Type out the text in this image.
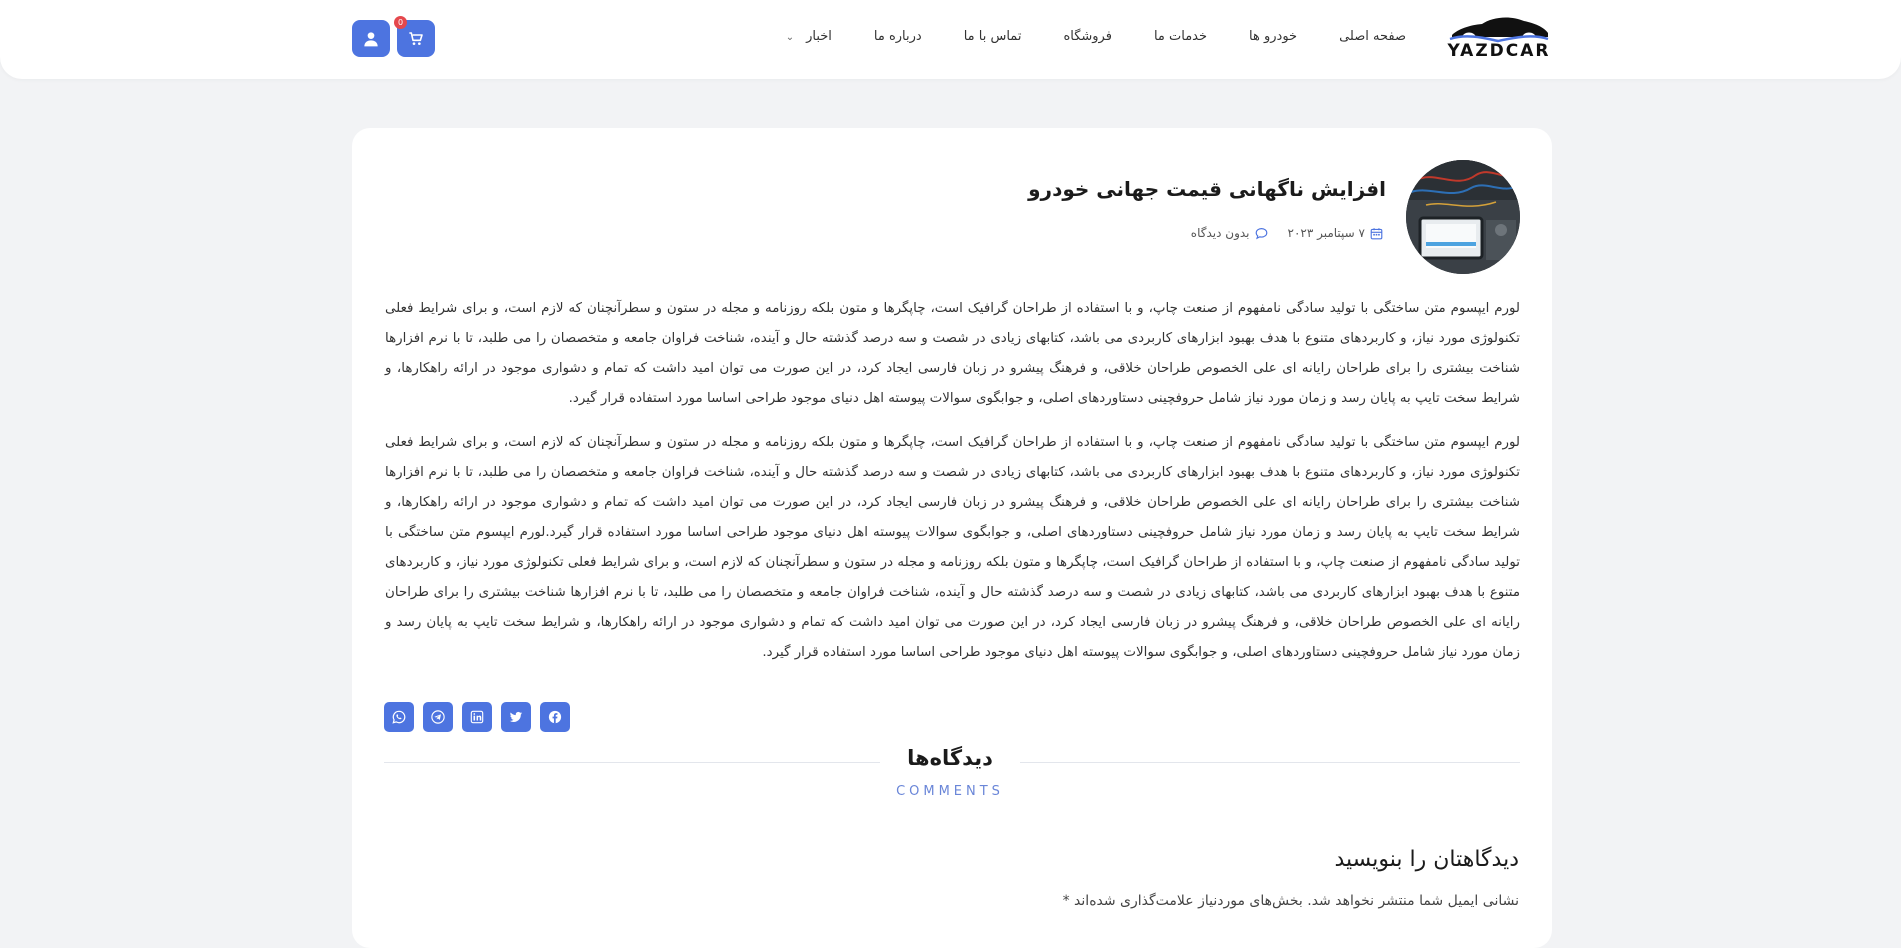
YAZDCAR
صفحه اصلی
خودرو ها
خدمات ما
فروشگاه
تماس با ما
درباره ما
اخبار⌄
0
افزایش ناگهانی قیمت جهانی خودرو
۷ سپتامبر ۲۰۲۳
بدون دیدگاه
لورم ایپسوم متن ساختگی با تولید سادگی نامفهوم از صنعت چاپ، و با استفاده از طراحان گرافیک است، چاپگرها و متون بلکه روزنامه و مجله در ستون و سطرآنچنان که لازم است، و برای شرایط فعلی تکنولوژی مورد نیاز، و کاربردهای متنوع با هدف بهبود ابزارهای کاربردی می باشد، کتابهای زیادی در شصت و سه درصد گذشته حال و آینده، شناخت فراوان جامعه و متخصصان را می طلبد، تا با نرم افزارها شناخت بیشتری را برای طراحان رایانه ای علی الخصوص طراحان خلاقی، و فرهنگ پیشرو در زبان فارسی ایجاد کرد، در این صورت می توان امید داشت که تمام و دشواری موجود در ارائه راهکارها، و شرایط سخت تایپ به پایان رسد و زمان مورد نیاز شامل حروفچینی دستاوردهای اصلی، و جوابگوی سوالات پیوسته اهل دنیای موجود طراحی اساسا مورد استفاده قرار گیرد.
لورم ایپسوم متن ساختگی با تولید سادگی نامفهوم از صنعت چاپ، و با استفاده از طراحان گرافیک است، چاپگرها و متون بلکه روزنامه و مجله در ستون و سطرآنچنان که لازم است، و برای شرایط فعلی تکنولوژی مورد نیاز، و کاربردهای متنوع با هدف بهبود ابزارهای کاربردی می باشد، کتابهای زیادی در شصت و سه درصد گذشته حال و آینده، شناخت فراوان جامعه و متخصصان را می طلبد، تا با نرم افزارها شناخت بیشتری را برای طراحان رایانه ای علی الخصوص طراحان خلاقی، و فرهنگ پیشرو در زبان فارسی ایجاد کرد، در این صورت می توان امید داشت که تمام و دشواری موجود در ارائه راهکارها، و شرایط سخت تایپ به پایان رسد و زمان مورد نیاز شامل حروفچینی دستاوردهای اصلی، و جوابگوی سوالات پیوسته اهل دنیای موجود طراحی اساسا مورد استفاده قرار گیرد.لورم ایپسوم متن ساختگی با تولید سادگی نامفهوم از صنعت چاپ، و با استفاده از طراحان گرافیک است، چاپگرها و متون بلکه روزنامه و مجله در ستون و سطرآنچنان که لازم است، و برای شرایط فعلی تکنولوژی مورد نیاز، و کاربردهای متنوع با هدف بهبود ابزارهای کاربردی می باشد، کتابهای زیادی در شصت و سه درصد گذشته حال و آینده، شناخت فراوان جامعه و متخصصان را می طلبد، تا با نرم افزارها شناخت بیشتری را برای طراحان رایانه ای علی الخصوص طراحان خلاقی، و فرهنگ پیشرو در زبان فارسی ایجاد کرد، در این صورت می توان امید داشت که تمام و دشواری موجود در ارائه راهکارها، و شرایط سخت تایپ به پایان رسد و زمان مورد نیاز شامل حروفچینی دستاوردهای اصلی، و جوابگوی سوالات پیوسته اهل دنیای موجود طراحی اساسا مورد استفاده قرار گیرد.
دیدگاه‌ها
COMMENTS
دیدگاهتان را بنویسید
نشانی ایمیل شما منتشر نخواهد شد. بخش‌های موردنیاز علامت‌گذاری شده‌اند *
